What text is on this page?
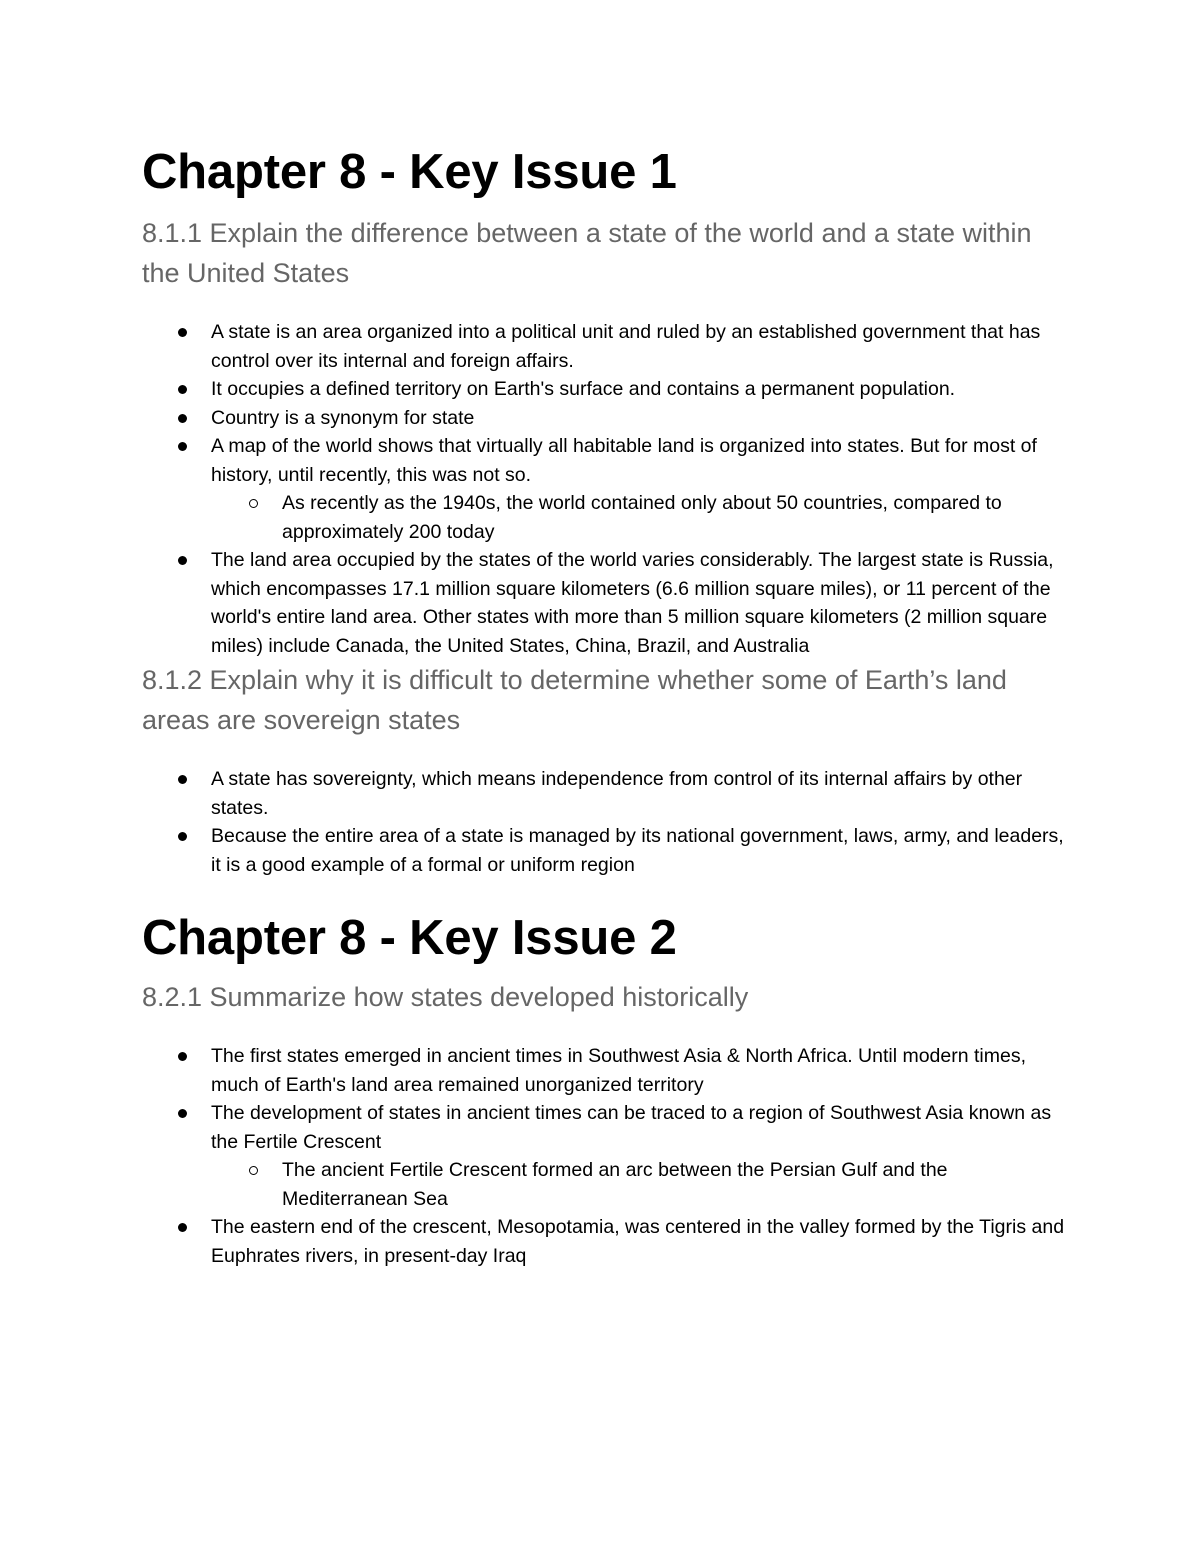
Chapter 8 - Key Issue 1
8.1.1 Explain the difference between a state of the world and a state within the United States
A state is an area organized into a political unit and ruled by an established government that has control over its internal and foreign affairs.
It occupies a defined territory on Earth's surface and contains a permanent population.
Country is a synonym for state
A map of the world shows that virtually all habitable land is organized into states. But for most of history, until recently, this was not so.
As recently as the 1940s, the world contained only about 50 countries, compared to approximately 200 today
The land area occupied by the states of the world varies considerably. The largest state is Russia, which encompasses 17.1 million square kilometers (6.6 million square miles), or 11 percent of the world's entire land area. Other states with more than 5 million square kilometers (2 million square miles) include Canada, the United States, China, Brazil, and Australia
8.1.2 Explain why it is difficult to determine whether some of Earth’s land areas are sovereign states
A state has sovereignty, which means independence from control of its internal affairs by other states.
Because the entire area of a state is managed by its national government, laws, army, and leaders, it is a good example of a formal or uniform region
Chapter 8 - Key Issue 2
8.2.1 Summarize how states developed historically
The first states emerged in ancient times in Southwest Asia & North Africa. Until modern times, much of Earth's land area remained unorganized territory
The development of states in ancient times can be traced to a region of Southwest Asia known as the Fertile Crescent
The ancient Fertile Crescent formed an arc between the Persian Gulf and the Mediterranean Sea
The eastern end of the crescent, Mesopotamia, was centered in the valley formed by the Tigris and Euphrates rivers, in present-day Iraq
